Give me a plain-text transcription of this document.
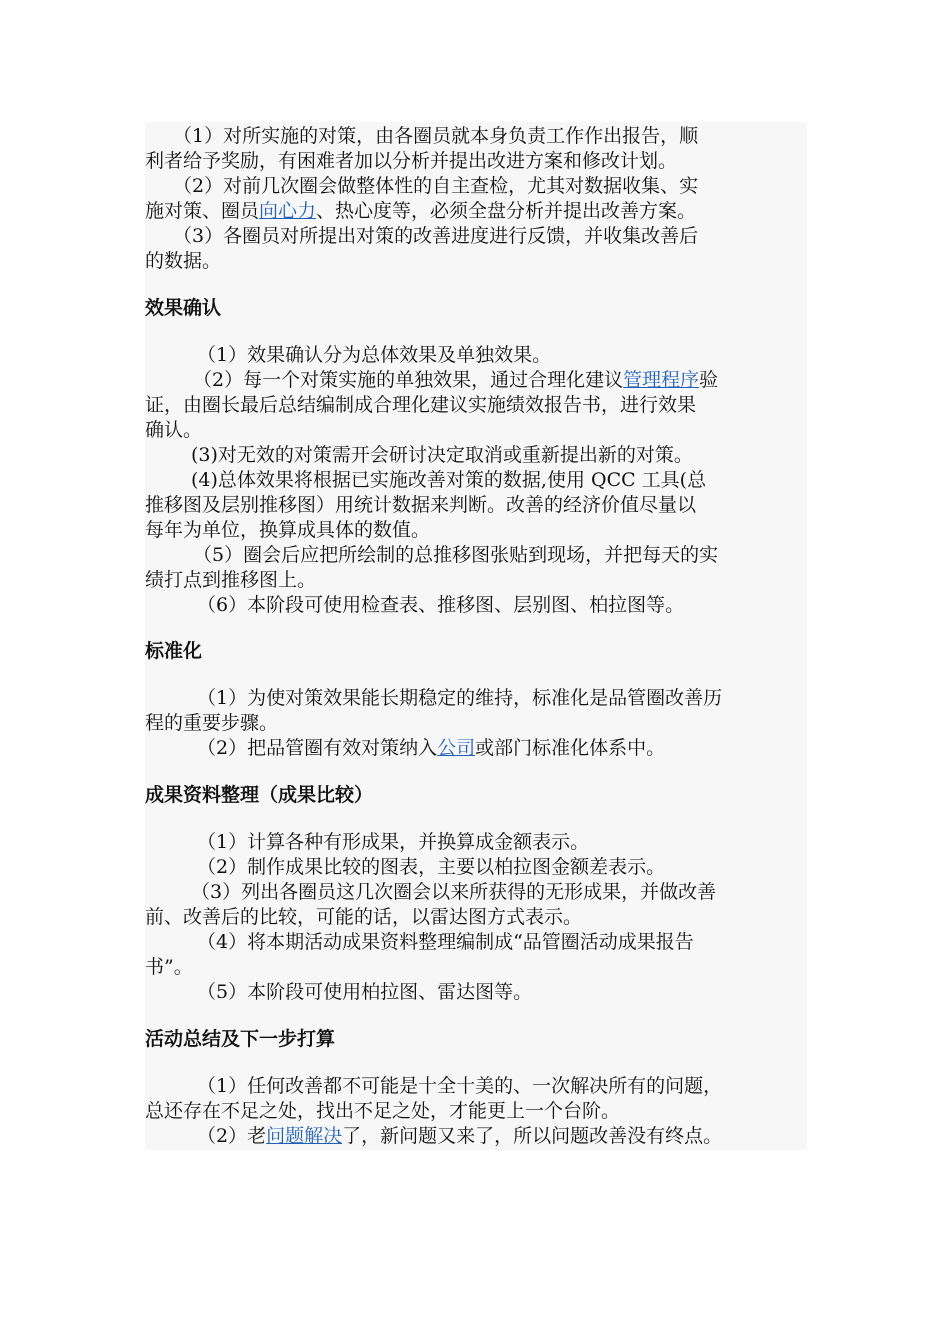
（1）对所实施的对策，由各圈员就本身负责工作作出报告，顺
利者给予奖励，有困难者加以分析并提出改进方案和修改计划。
（2）对前几次圈会做整体性的自主查检，尤其对数据收集、实
施对策、圈员向心力、热心度等，必须全盘分析并提出改善方案。
（3）各圈员对所提出对策的改善进度进行反馈，并收集改善后
的数据。
效果确认
（1）效果确认分为总体效果及单独效果。
（2）每一个对策实施的单独效果，通过合理化建议管理程序验
证，由圈长最后总结编制成合理化建议实施绩效报告书，进行效果
确认。
(3)对无效的对策需开会研讨决定取消或重新提出新的对策。
(4)总体效果将根据已实施改善对策的数据,使用 QCC 工具(总
推移图及层别推移图）用统计数据来判断。改善的经济价值尽量以
每年为单位，换算成具体的数值。
（5）圈会后应把所绘制的总推移图张贴到现场，并把每天的实
绩打点到推移图上。
（6）本阶段可使用检查表、推移图、层别图、柏拉图等。
标准化
（1）为使对策效果能长期稳定的维持，标准化是品管圈改善历
程的重要步骤。
（2）把品管圈有效对策纳入公司或部门标准化体系中。
成果资料整理（成果比较）
（1）计算各种有形成果，并换算成金额表示。
（2）制作成果比较的图表，主要以柏拉图金额差表示。
（3）列出各圈员这几次圈会以来所获得的无形成果，并做改善
前、改善后的比较，可能的话，以雷达图方式表示。
（4）将本期活动成果资料整理编制成“品管圈活动成果报告
书”。
（5）本阶段可使用柏拉图、雷达图等。
活动总结及下一步打算
（1）任何改善都不可能是十全十美的、一次解决所有的问题，
总还存在不足之处，找出不足之处，才能更上一个台阶。
（2）老问题解决了，新问题又来了，所以问题改善没有终点。
